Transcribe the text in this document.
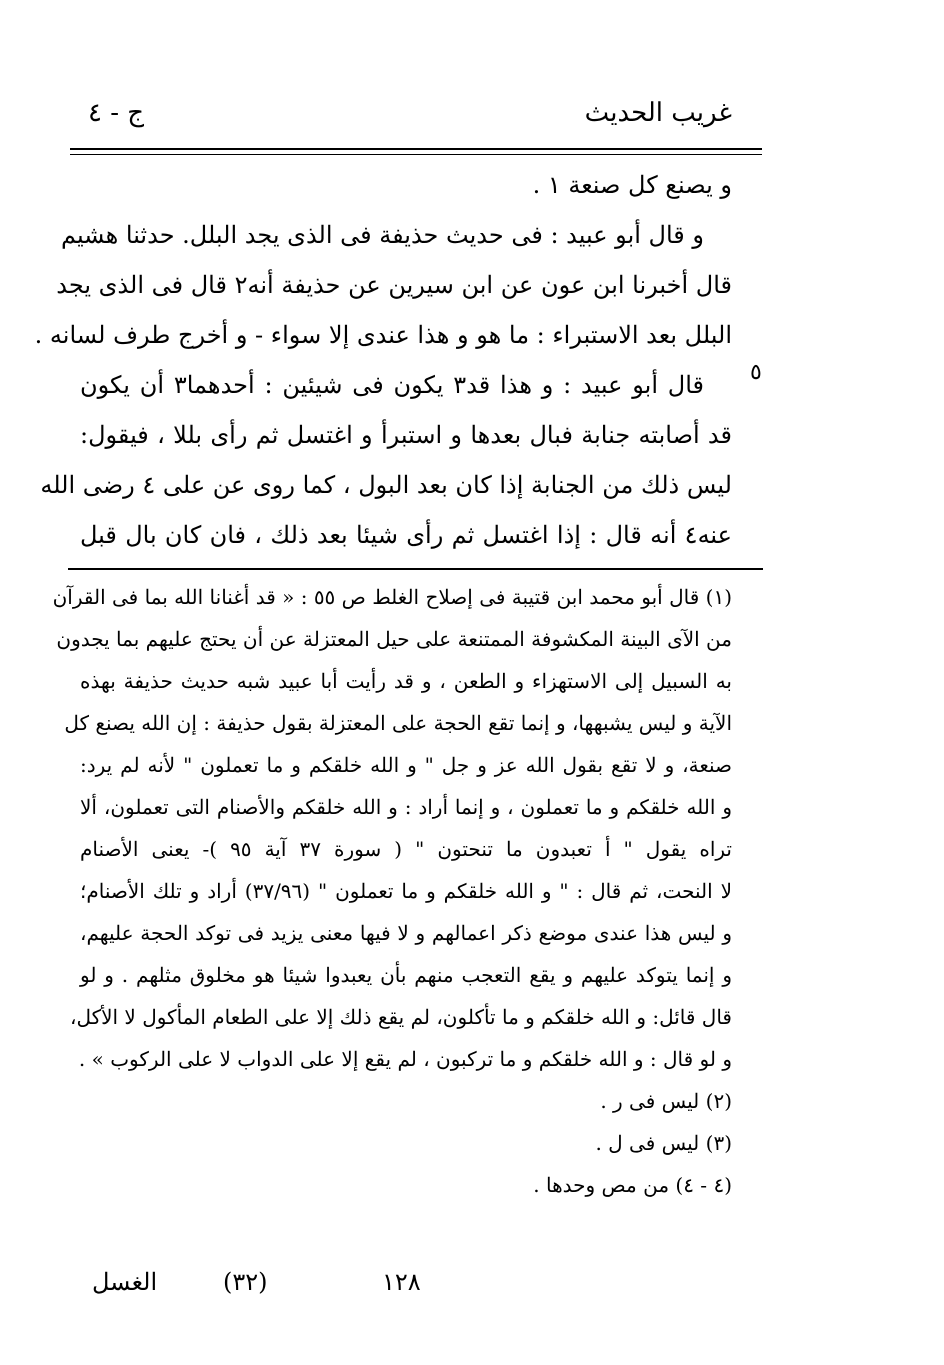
غريب الحديث
ج - ٤
و يصنع كل صنعة ١ .
و قال أبو عبيد : فى حديث حذيفة فى الذى يجد البلل. حدثنا هشيم
قال أخبرنا ابن عون عن ابن سيرين عن حذيفة أنه٢ قال فى الذى يجد
البلل بعد الاستبراء : ما هو و هذا عندى إلا سواء - و أخرج طرف لسانه .
قال أبو عبيد : و هذا قد٣ يكون فى شيئين : أحدهما٣ أن يكون
قد أصابته جنابة فبال بعدها و استبرأ و اغتسل ثم رأى بللا ، فيقول:
ليس ذلك من الجنابة إذا كان بعد البول ، كما روى عن على ٤ رضى الله
عنه٤ أنه قال : إذا اغتسل ثم رأى شيئا بعد ذلك ، فان كان بال قبل
٥
(١) قال أبو محمد ابن قتيبة فى إصلاح الغلط ص ٥٥ : « قد أغنانا الله بما فى القرآن
من الآى البينة المكشوفة الممتنعة على حيل المعتزلة عن أن يحتج عليهم بما يجدون
به السبيل إلى الاستهزاء و الطعن ، و قد رأيت أبا عبيد شبه حديث حذيفة بهذه
الآية و ليس يشبهها، و إنما تقع الحجة على المعتزلة بقول حذيفة : إن الله يصنع كل
صنعة، و لا تقع بقول الله عز و جل " و الله خلقكم و ما تعملون " لأنه لم يرد:
و الله خلقكم و ما تعملون ، و إنما أراد : و الله خلقكم والأصنام التى تعملون، ألا
تراه يقول " أ تعبدون ما تنحتون " ( سورة ٣٧ آية ٩٥ )- يعنى الأصنام
لا النحت، ثم قال : " و الله خلقكم و ما تعملون " (٣٧/٩٦) أراد و تلك الأصنام؛
و ليس هذا عندى موضع ذكر اعمالهم و لا فيها معنى يزيد فى توكد الحجة عليهم،
و إنما يتوكد عليهم و يقع التعجب منهم بأن يعبدوا شيئا هو مخلوق مثلهم . و لو
قال قائل: و الله خلقكم و ما تأكلون، لم يقع ذلك إلا على الطعام المأكول لا الأكل،
و لو قال : و الله خلقكم و ما تركبون ، لم يقع إلا على الدواب لا على الركوب » .
(٢) ليس فى ر .
(٣) ليس فى ل .
(٤ - ٤) من مص وحدها .
الغسل	(٣٢)	١٢٨
